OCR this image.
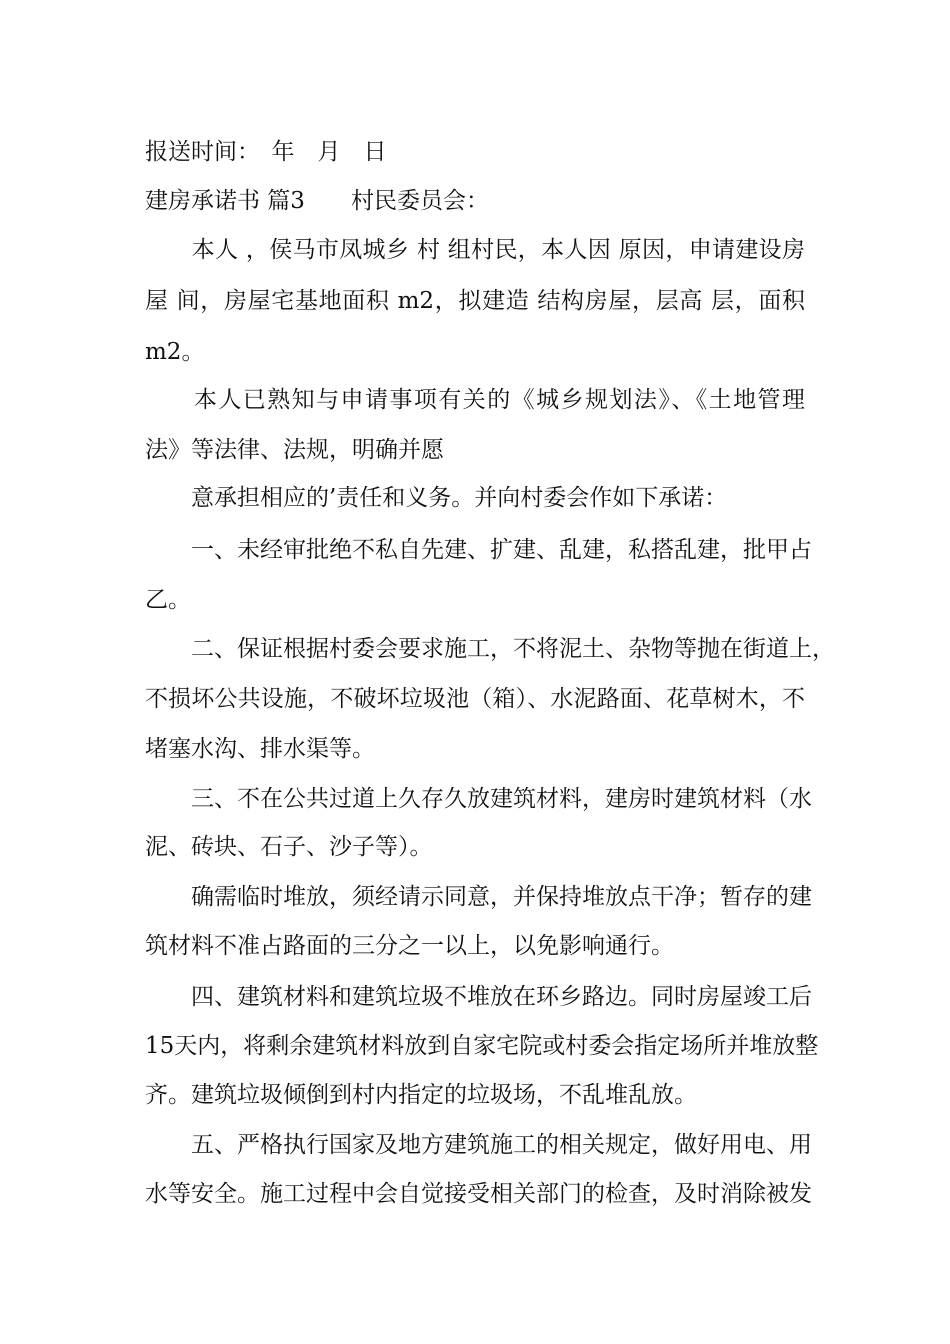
报送时间：　年　月　日
建房承诺书 篇3　　村民委员会：
　　本人 ，侯马市凤城乡 村 组村民，本人因 原因，申请建设房
屋 间，房屋宅基地面积 m2，拟建造 结构房屋，层高 层，面积
m2。
　　本人已熟知与申请事项有关的《城乡规划法》、《土地管理
法》等法律、法规，明确并愿
　　意承担相应的’责任和义务。并向村委会作如下承诺：
　　一、未经审批绝不私自先建、扩建、乱建，私搭乱建，批甲占
乙。
　　二、保证根据村委会要求施工，不将泥土、杂物等抛在街道上，
不损坏公共设施，不破坏垃圾池（箱）、水泥路面、花草树木，不
堵塞水沟、排水渠等。
　　三、不在公共过道上久存久放建筑材料，建房时建筑材料（水
泥、砖块、石子、沙子等）。
　　确需临时堆放，须经请示同意，并保持堆放点干净；暂存的建
筑材料不准占路面的三分之一以上，以免影响通行。
　　四、建筑材料和建筑垃圾不堆放在环乡路边。同时房屋竣工后
15天内，将剩余建筑材料放到自家宅院或村委会指定场所并堆放整
齐。建筑垃圾倾倒到村内指定的垃圾场，不乱堆乱放。
　　五、严格执行国家及地方建筑施工的相关规定，做好用电、用
水等安全。施工过程中会自觉接受相关部门的检查，及时消除被发
